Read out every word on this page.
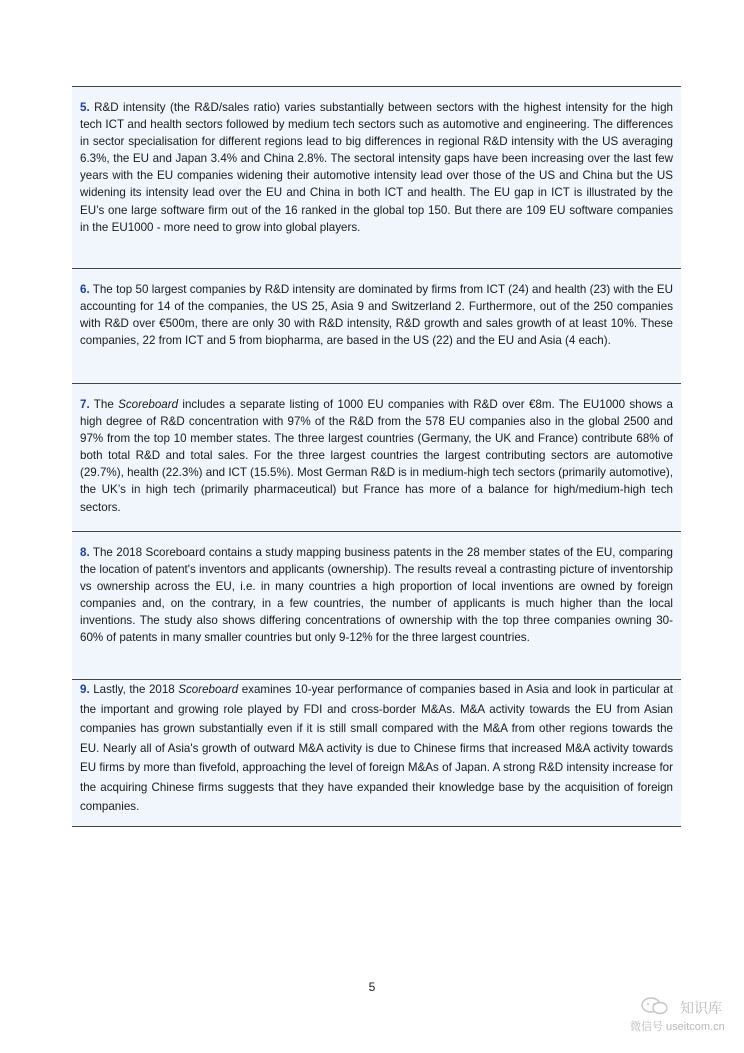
5. R&D intensity (the R&D/sales ratio) varies substantially between sectors with the highest intensity for the high tech ICT and health sectors followed by medium tech sectors such as automotive and engineering. The differences in sector specialisation for different regions lead to big differences in regional R&D intensity with the US averaging 6.3%, the EU and Japan 3.4% and China 2.8%. The sectoral intensity gaps have been increasing over the last few years with the EU companies widening their automotive intensity lead over those of the US and China but the US widening its intensity lead over the EU and China in both ICT and health. The EU gap in ICT is illustrated by the EU’s one large software firm out of the 16 ranked in the global top 150. But there are 109 EU software companies in the EU1000 - more need to grow into global players.
6. The top 50 largest companies by R&D intensity are dominated by firms from ICT (24) and health (23) with the EU accounting for 14 of the companies, the US 25, Asia 9 and Switzerland 2. Furthermore, out of the 250 companies with R&D over €500m, there are only 30 with R&D intensity, R&D growth and sales growth of at least 10%. These companies, 22 from ICT and 5 from biopharma, are based in the US (22) and the EU and Asia (4 each).
7. The Scoreboard includes a separate listing of 1000 EU companies with R&D over €8m. The EU1000 shows a high degree of R&D concentration with 97% of the R&D from the 578 EU companies also in the global 2500 and 97% from the top 10 member states. The three largest countries (Germany, the UK and France) contribute 68% of both total R&D and total sales. For the three largest countries the largest contributing sectors are automotive (29.7%), health (22.3%) and ICT (15.5%). Most German R&D is in medium-high tech sectors (primarily automotive), the UK’s in high tech (primarily pharmaceutical) but France has more of a balance for high/medium-high tech sectors.
8. The 2018 Scoreboard contains a study mapping business patents in the 28 member states of the EU, comparing the location of patent's inventors and applicants (ownership). The results reveal a contrasting picture of inventorship vs ownership across the EU, i.e. in many countries a high proportion of local inventions are owned by foreign companies and, on the contrary, in a few countries, the number of applicants is much higher than the local inventions. The study also shows differing concentrations of ownership with the top three companies owning 30-60% of patents in many smaller countries but only 9-12% for the three largest countries.
9. Lastly, the 2018 Scoreboard examines 10-year performance of companies based in Asia and look in particular at the important and growing role played by FDI and cross-border M&As. M&A activity towards the EU from Asian companies has grown substantially even if it is still small compared with the M&A from other regions towards the EU. Nearly all of Asia's growth of outward M&A activity is due to Chinese firms that increased M&A activity towards EU firms by more than fivefold, approaching the level of foreign M&As of Japan. A strong R&D intensity increase for the acquiring Chinese firms suggests that they have expanded their knowledge base by the acquisition of foreign companies.
5
知识库
微信号 useitcom.cn
